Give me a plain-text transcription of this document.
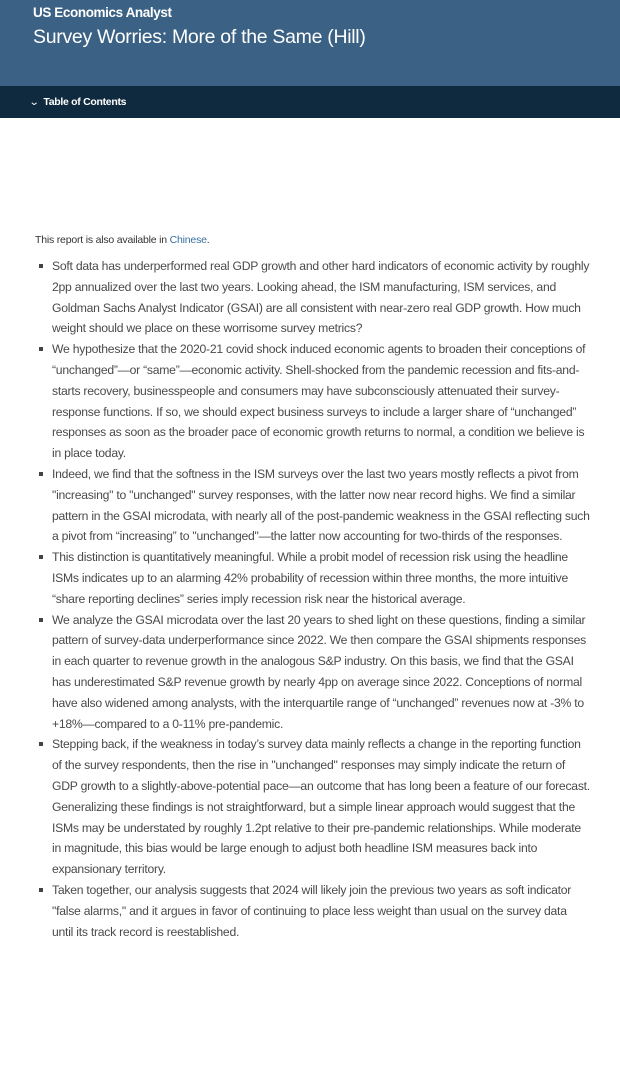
US Economics Analyst
Survey Worries: More of the Same (Hill)
⌄ Table of Contents

This report is also available in Chinese.

Soft data has underperformed real GDP growth and other hard indicators of economic activity by roughly 2pp annualized over the last two years. Looking ahead, the ISM manufacturing, ISM services, and Goldman Sachs Analyst Indicator (GSAI) are all consistent with near-zero real GDP growth. How much weight should we place on these worrisome survey metrics?
We hypothesize that the 2020-21 covid shock induced economic agents to broaden their conceptions of “unchanged”—or “same”—economic activity. Shell-shocked from the pandemic recession and fits-and-starts recovery, businesspeople and consumers may have subconsciously attenuated their survey-response functions. If so, we should expect business surveys to include a larger share of “unchanged” responses as soon as the broader pace of economic growth returns to normal, a condition we believe is in place today.
Indeed, we find that the softness in the ISM surveys over the last two years mostly reflects a pivot from "increasing" to "unchanged" survey responses, with the latter now near record highs. We find a similar pattern in the GSAI microdata, with nearly all of the post-pandemic weakness in the GSAI reflecting such a pivot from “increasing” to "unchanged"—the latter now accounting for two-thirds of the responses.
This distinction is quantitatively meaningful. While a probit model of recession risk using the headline ISMs indicates up to an alarming 42% probability of recession within three months, the more intuitive “share reporting declines” series imply recession risk near the historical average.
We analyze the GSAI microdata over the last 20 years to shed light on these questions, finding a similar pattern of survey-data underperformance since 2022. We then compare the GSAI shipments responses in each quarter to revenue growth in the analogous S&P industry. On this basis, we find that the GSAI has underestimated S&P revenue growth by nearly 4pp on average since 2022. Conceptions of normal have also widened among analysts, with the interquartile range of “unchanged” revenues now at -3% to +18%—compared to a 0-11% pre-pandemic.
Stepping back, if the weakness in today’s survey data mainly reflects a change in the reporting function of the survey respondents, then the rise in "unchanged" responses may simply indicate the return of GDP growth to a slightly-above-potential pace—an outcome that has long been a feature of our forecast. Generalizing these findings is not straightforward, but a simple linear approach would suggest that the ISMs may be understated by roughly 1.2pt relative to their pre-pandemic relationships. While moderate in magnitude, this bias would be large enough to adjust both headline ISM measures back into expansionary territory.
Taken together, our analysis suggests that 2024 will likely join the previous two years as soft indicator "false alarms," and it argues in favor of continuing to place less weight than usual on the survey data until its track record is reestablished.
